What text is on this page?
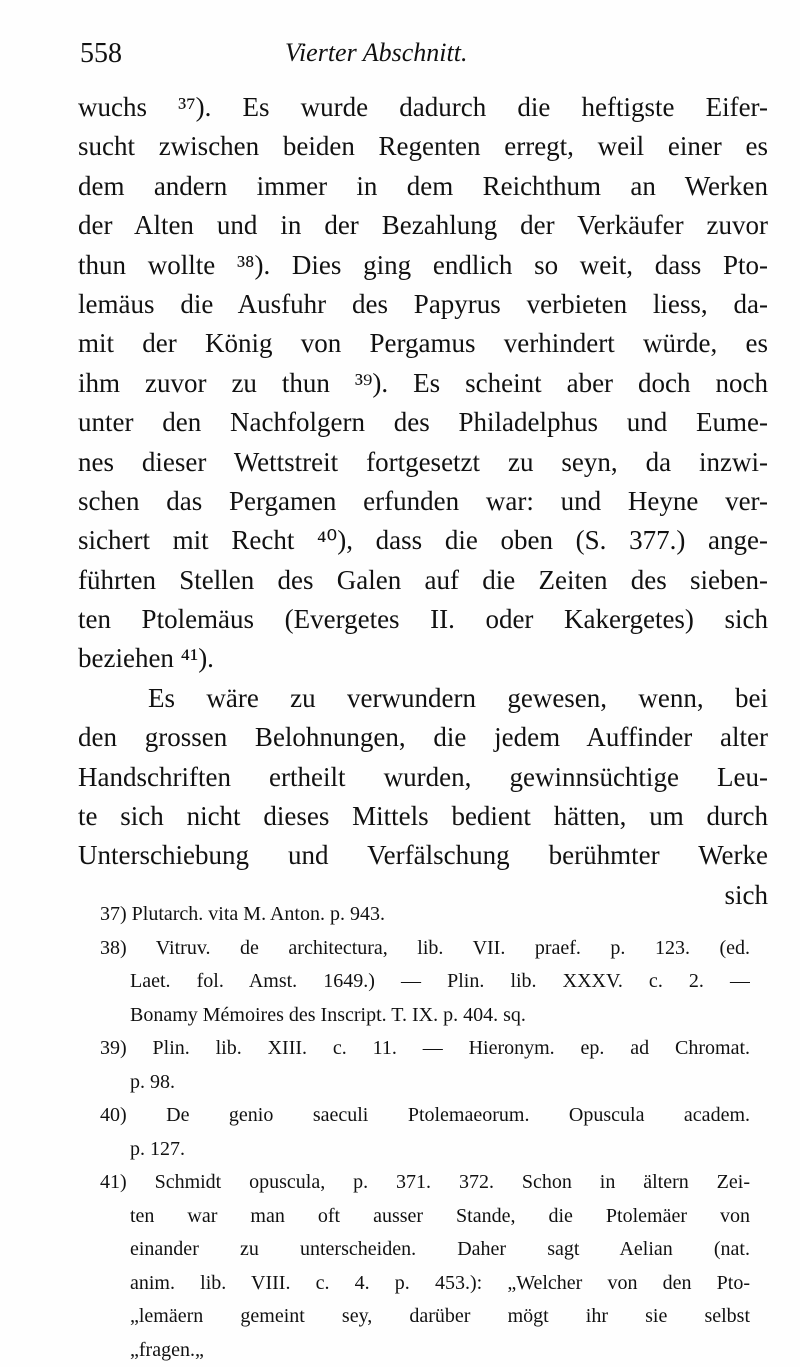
558	Vierter Abschnitt.
wuchs ³⁷). Es wurde dadurch die heftigste Eifer-
sucht zwischen beiden Regenten erregt, weil einer es
dem andern immer in dem Reichthum an Werken
der Alten und in der Bezahlung der Verkäufer zuvor
thun wollte ³⁸). Dies ging endlich so weit, dass Pto-
lemäus die Ausfuhr des Papyrus verbieten liess, da-
mit der König von Pergamus verhindert würde, es
ihm zuvor zu thun ³⁹). Es scheint aber doch noch
unter den Nachfolgern des Philadelphus und Eume-
nes dieser Wettstreit fortgesetzt zu seyn, da inzwi-
schen das Pergamen erfunden war: und Heyne ver-
sichert mit Recht ⁴⁰), dass die oben (S. 377.) ange-
führten Stellen des Galen auf die Zeiten des sieben-
ten Ptolemäus (Evergetes II. oder Kakergetes) sich
beziehen ⁴¹).
Es wäre zu verwundern gewesen, wenn, bei
den grossen Belohnungen, die jedem Auffinder alter
Handschriften ertheilt wurden, gewinnsüchtige Leu-
te sich nicht dieses Mittels bedient hätten, um durch
Unterschiebung und Verfälschung berühmter Werke
sich
37) Plutarch. vita M. Anton. p. 943.
38) Vitruv. de architectura, lib. VII. praef. p. 123. (ed.
Laet. fol. Amst. 1649.) — Plin. lib. XXXV. c. 2. —
Bonamy Mémoires des Inscript. T. IX. p. 404. sq.
39) Plin. lib. XIII. c. 11. — Hieronym. ep. ad Chromat.
p. 98.
40) De genio saeculi Ptolemaeorum. Opuscula academ.
p. 127.
41) Schmidt opuscula, p. 371. 372. Schon in ältern Zei-
ten war man oft ausser Stande, die Ptolemäer von
einander zu unterscheiden. Daher sagt Aelian (nat.
anim. lib. VIII. c. 4. p. 453.): „Welcher von den Pto-
„lemäern gemeint sey, darüber mögt ihr sie selbst
„fragen.„
